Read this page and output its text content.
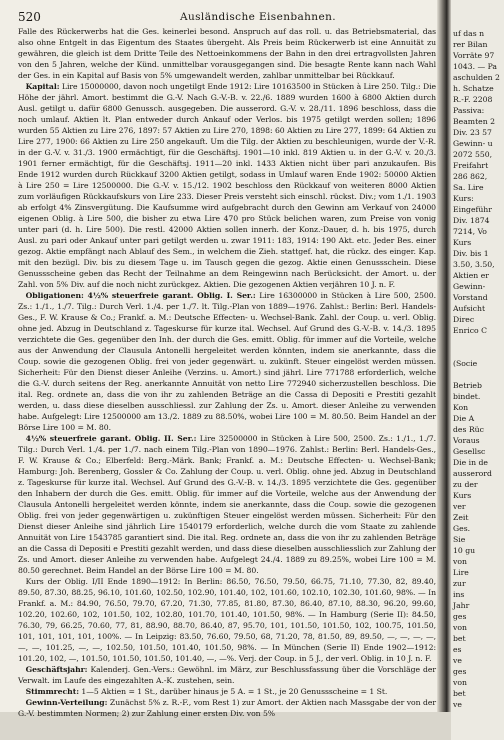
520	Ausländische Eisenbahnen.

Falle des Rückerwerbs hat die Ges. keinerlei besond. Anspruch auf das roll. u. das Betriebsmaterial, das also ohne Entgelt in das Eigentum des Staates übergeht. Als Preis beim Rückerwerb ist eine Annuität zu gewähren, die gleich ist dem Dritte Teile des Nettoeinkommens der Bahn in den drei ertragvollsten Jahren von den 5 Jahren, welche der Künd. unmittelbar vorausgegangen sind. Die besagte Rente kann nach Wahl der Ges. in ein Kapital auf Basis von 5% umgewandelt werden, zahlbar unmittelbar bei Rückkauf.

 Kapital: Lire 15000000, davon noch ungetilgt Ende 1912: Lire 10163500 in Stücken à Lire 250. Tilg.: Die Höhe der jährl. Amort. bestimmt die G.-V. Nach G.-V.-B. v. 22./6. 1889 wurden 1600 à 6800 Aktien durch Ausl. getilgt u. dafür 6800 Genussch. ausgegeben. Die ausserord. G.-V. v. 28./11. 1896 beschloss, dass die noch umlauf. Aktien lt. Plan entweder durch Ankauf oder Verlos. bis 1975 getilgt werden sollen; 1896 wurden 55 Aktien zu Lire 276, 1897: 57 Aktien zu Lire 270, 1898: 60 Aktien zu Lire 277, 1899: 64 Aktien zu Lire 277, 1900: 66 Aktien zu Lire 250 angekauft. Um die Tilg. der Aktien zu beschleunigen, wurde der V.-R. in der G.-V. v. 31./3. 1900 ermächtigt, für die Geschäftsj. 1901—10 inkl. 819 Aktien u. in der G.-V. v. 20./3. 1901 ferner ermächtigt, für die Geschäftsj. 1911—20 inkl. 1433 Aktien nicht über pari anzukaufen. Bis Ende 1912 wurden durch Rückkauf 3200 Aktien getilgt, sodass in Umlauf waren Ende 1902: 50000 Aktien à Lire 250 = Lire 12500000. Die G.-V. v. 15./12. 1902 beschloss den Rückkauf von weiteren 8000 Aktien zum vorläufigen Rückkaufskurs von Lire 233. Dieser Preis versteht sich einschl. rückst. Div.; vom 1./1. 1903 ab erfolgt 4% Zinsvergütung. Die Kaufsumme wird aufgebracht durch den Gewinn am Verkauf von 24000 eigenen Oblig. à Lire 500, die bisher zu etwa Lire 470 pro Stück belichen waren, zum Preise von vonig unter pari (d. h. Lire 500). Die restl. 42000 Aktien sollen innerh. der Konz.-Dauer, d. h. bis 1975, durch Ausl. zu pari oder Ankauf unter pari getilgt werden u. zwar 1911: 183, 1914: 190 Akt. etc. Jeder Bes. einer gezog. Aktie empfängt nach Ablauf des Sem., in welchem die Zieh. stattgef. hat, die rückz. des einger. Kap. mit den bezügl. Div. bis zu diesem Tage u. im Tausch gegen die gezog. Aktie einen Genussschein. Diese Genussscheine geben das Recht der Teilnahme an dem Reingewinn nach Berücksicht. der Amort. u. der Zahl. von 5% Div. auf die noch nicht zurückgez. Aktien. Die gezogenen Aktien verjähren 10 J. n. F.

 Obligationen: 4½% steuerfreie garant. Oblig. I. Ser.: Lire 16300000 in Stücken à Lire 500, 2500. Zs.: 1./1., 1./7. Tilg.: Durch Verl. 1./4. per 1./7. lt. Tilg.-Plan von 1889—1976. Zahlst.: Berlin: Berl. Handels-Ges., F. W. Krause & Co.; Frankf. a. M.: Deutsche Effecten- u. Wechsel-Bank. Zahl. der Coup. u. verl. Oblig. ohne jed. Abzug in Deutschland z. Tageskurse für kurze ital. Wechsel. Auf Grund des G.-V.-B. v. 14./3. 1895 verzichtete die Ges. gegenüber den Inh. der durch die Ges. emitt. Oblig. für immer auf die Vorteile, welche aus der Anwendung der Clausula Antonelli hergeleitet werden könnten, indem sie anerkannte, dass die Coup. sowie die gezogenen Oblig. frei von jeder gegenwärt. u. zukünft. Steuer eingelöst werden müssen. Sicherheit: Für den Dienst dieser Anleihe (Verzins. u. Amort.) sind jährl. Lire 771788 erforderlich, welche die G.-V. durch seitens der Reg. anerkannte Annuität von netto Lire 772940 sicherzustellen beschloss. Die ital. Reg. ordnete an, dass die von ihr zu zahlenden Beträge an die Cassa di Depositi e Prestiti gezahlt werden, u. dass diese dieselben ausschliessl. zur Zahlung der Zs. u. Amort. dieser Anleihe zu verwenden habe. Aufgelegt: Lire 12500000 am 13./2. 1889 zu 88.50%, wobei Lire 100 = M. 80.50. Beim Handel an der Börse Lire 100 = M. 80.

 4½% steuerfreie garant. Oblig. II. Ser.: Lire 32500000 in Stücken à Lire 500, 2500. Zs.: 1./1., 1./7. Tilg.: Durch Verl. 1./4. per 1./7. nach einem Tilg.-Plan von 1890—1976. Zahlst.: Berlin: Berl. Handels-Ges., F. W. Krause & Co.; Elberfeld: Berg.-Märk. Bank; Frankf. a. M.: Deutsche Effecten- u. Wechsel-Bank; Hamburg: Joh. Berenberg, Gossler & Co. Zahlung der Coup. u. verl. Oblig. ohne jed. Abzug in Deutschland z. Tageskurse für kurze ital. Wechsel. Auf Grund des G.-V.-B. v. 14./3. 1895 verzichtete die Ges. gegenüber den Inhabern der durch die Ges. emitt. Oblig. für immer auf die Vorteile, welche aus der Anwendung der Clausula Antonelli hergeleitet werden könnte, indem sie anerkannte, dass die Coup. sowie die gezogenen Oblig. frei von jeder gegenwärtigen u. zukünftigen Steuer eingelöst werden müssen. Sicherheit: Für den Dienst dieser Anleihe sind jährlich Lire 1540179 erforderlich, welche durch die vom Staate zu zahlende Annuität von Lire 1543785 garantiert sind. Die ital. Reg. ordnete an, dass die von ihr zu zahlenden Beträge an die Cassa di Depositi e Prestiti gezahlt werden, und dass diese dieselben ausschliesslich zur Zahlung der Zs. und Amort. dieser Anleihe zu verwenden habe. Aufgelegt 24./4. 1889 zu 89.25%, wobei Lire 100 = M. 80.50 gerechnet. Beim Handel an der Börse Lire 100 = M. 80.

 Kurs der Oblig. I/II Ende 1890—1912: In Berlin: 86.50, 76.50, 79.50, 66.75, 71.10, 77.30, 82, 89.40, 89.50, 87.30, 88.25, 96.10, 101.60, 102.50, 102.90, 101.40, 102, 101.60, 102.10, 102.30, 101.60, 98%. — In Frankf. a. M.: 84.90, 76.50, 79.70, 67.20, 71.30, 77.85, 81.80, 87.30, 86.40, 87.10, 88.30, 96.20, 99.60, 102.20, 102.60, 102, 101.50, 102, 102.80, 101.70, 101.40, 101.50, 98%. — In Hamburg (Serie II): 84.50, 76.30, 79, 66.25, 70.60, 77, 81, 88.90, 88.70, 86.40, 87, 95.70, 101, 101.50, 101.50, 102, 100.75, 101.50, 101, 101, 101, 101, 100%. — In Leipzig: 83.50, 76.60, 79.50, 68, 71.20, 78, 81.50, 89, 89.50, —, —, —, —, —, —, 101.25, —, —, 102.50, 101.50, 101.40, 101.50, 98%. — In München (Serie II) Ende 1902—1912: 101.20, 102, —, 101.50, 101.50, 101.50, 101.40, —, —%. Verj. der Coup. in 5 J., der verl. Oblig. in 10 J. n. F.

 Geschäftsjahr: Kalenderj. Gen.-Vers.: Gewöhnl. im März, zur Beschlussfassung über die Vorschläge der Verwalt. im Laufe des eingezahlten A.-K. zustehen, sein.

 Stimmrecht: 1—5 Aktien = 1 St., darüber hinaus je 5 A. = 1 St., je 20 Genussscheine = 1 St.

 Gewinn-Verteilung: Zunächst 5% z. R.-F., vom Rest 1) zur Amort. der Aktien nach Massgabe der von der G.-V. bestimmten Normen; 2) zur Zahlung einer ersten Div. von 5%

uf das n
rer Bilan
Vorräte 97
1043. — Pa
aschulden 2
h. Schatze
R.-F. 2208
Passiva:
Beamten 2
Div. 23 57
Gewinn- u
2072 550,
Freifahrt
286 862,
Sa. Lire
Kurs:
Eingeführ
Div. 1874
7214, Vo
Kurs
Div. bis 1
3.50, 3.50,
Aktien er
Gewinn-
Vorstand
Aufsicht
Direc
Enrico C
(Socie
Betrieb
bindet.
Kon
Die A
des Rüc
Voraus
Gesellsc
Die in de
ausserord
zu der
Kurs
ver
Zeit
Ges.
Sie
10 gu
von
Lire
zur
ins
Jahr
ges
von
bet
es
ve
ges
von
bet
ve
